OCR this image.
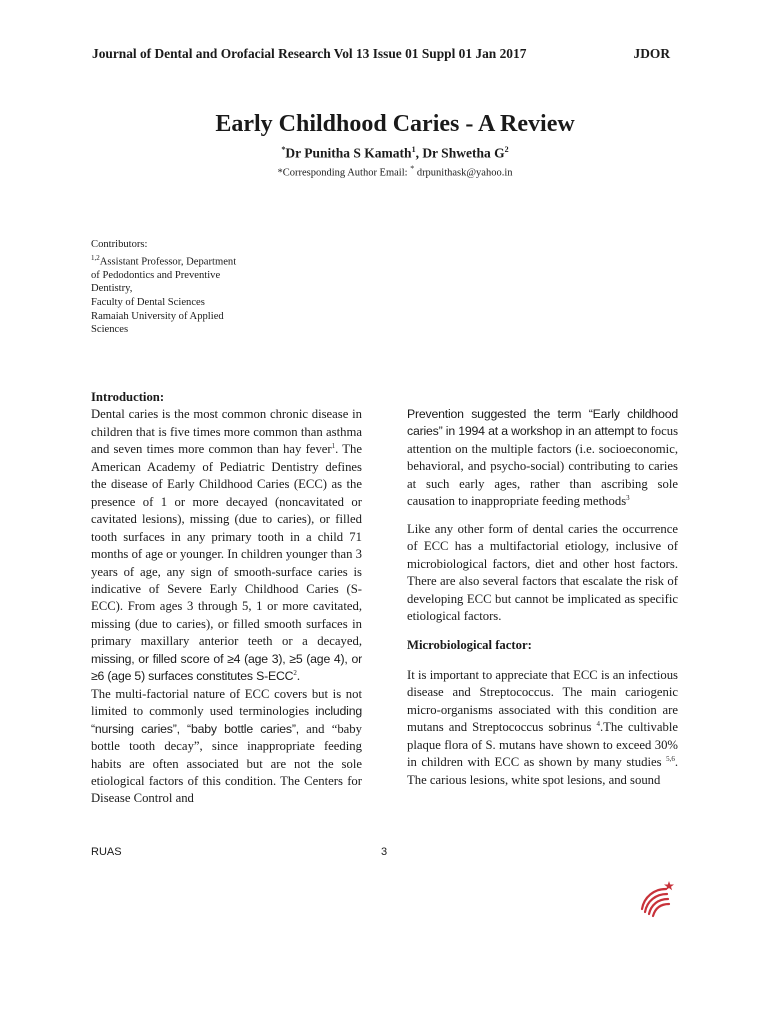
Journal of Dental and Orofacial Research Vol 13 Issue 01 Suppl 01 Jan 2017	JDOR
Early Childhood Caries - A Review
*Dr Punitha S Kamath$^1$, Dr Shwetha $G^2$
*Corresponding Author Email: * drpunithask@yahoo.in
Contributors:
$^{1,2}$Assistant Professor, Department
of Pedodontics and Preventive
Dentistry,
Faculty of Dental Sciences
Ramaiah University of Applied
Sciences

Introduction:

Dental caries is the most common chronic disease in children that is five times more common than asthma and seven times more common than hay fever$^1$. The American Academy of Pediatric Dentistry defines the disease of Early Childhood Caries (ECC) as the presence of 1 or more decayed (noncavitated or cavitated lesions), missing (due to caries), or filled tooth surfaces in any primary tooth in a child 71 months of age or younger. In children younger than 3 years of age, any sign of smooth-surface caries is indicative of Severe Early Childhood Caries (S-ECC). From ages 3 through 5, 1 or more cavitated, missing (due to caries), or filled smooth surfaces in primary maxillary anterior teeth or a decayed, missing, or filled score of ≥4 (age 3), ≥5 (age 4), or ≥6 (age 5) surfaces constitutes S-ECC$^2$.

The multi-factorial nature of ECC covers but is not limited to commonly used terminologies including “nursing caries”, “baby bottle caries”, and “baby bottle tooth decay”, since inappropriate feeding habits are often associated but are not the sole etiological factors of this condition. The Centers for Disease Control and

Prevention suggested the term “Early childhood caries” in 1994 at a workshop in an attempt to focus attention on the multiple factors (i.e. socioeconomic, behavioral, and psycho-social) contributing to caries at such early ages, rather than ascribing sole causation to inappropriate feeding methods$^3$

Like any other form of dental caries the occurrence of ECC has a multifactorial etiology, inclusive of microbiological factors, diet and other host factors. There are also several factors that escalate the risk of developing ECC but cannot be implicated as specific etiological factors.

Microbiological factor:

It is important to appreciate that ECC is an infectious disease and Streptococcus. The main cariogenic micro-organisms associated with this condition are mutans and Streptococcus sobrinus $^4$.The cultivable plaque flora of S. mutans have shown to exceed 30% in children with ECC as shown by many studies $^{5,6}$. The carious lesions, white spot lesions, and sound

RUAS	3
